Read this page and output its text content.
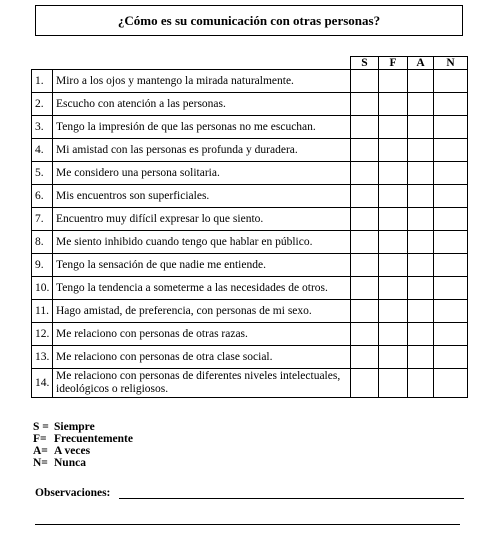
¿Cómo es su comunicación con otras personas?
		S	F	A	N
1.	Miro a los ojos y mantengo la mirada naturalmente.				
2.	Escucho con atención a las personas.				
3.	Tengo la impresión de que las personas no me escuchan.				
4.	Mi amistad con las personas es profunda y duradera.				
5.	Me considero una persona solitaria.				
6.	Mis encuentros son superficiales.				
7.	Encuentro muy difícil expresar lo que siento.				
8.	Me siento inhibido cuando tengo que hablar en público.				
9.	Tengo la sensación de que nadie me entiende.				
10.	Tengo la tendencia a someterme a las necesidades de otros.				
11.	Hago amistad, de preferencia, con personas de mi sexo.				
12.	Me relaciono con personas de otras razas.				
13.	Me relaciono con personas de otra clase social.				
14.	Me relaciono con personas de diferentes niveles intelectuales, ideológicos o religiosos.				
S = Siempre
F= Frecuentemente
A= A veces
N= Nunca
Observaciones:
